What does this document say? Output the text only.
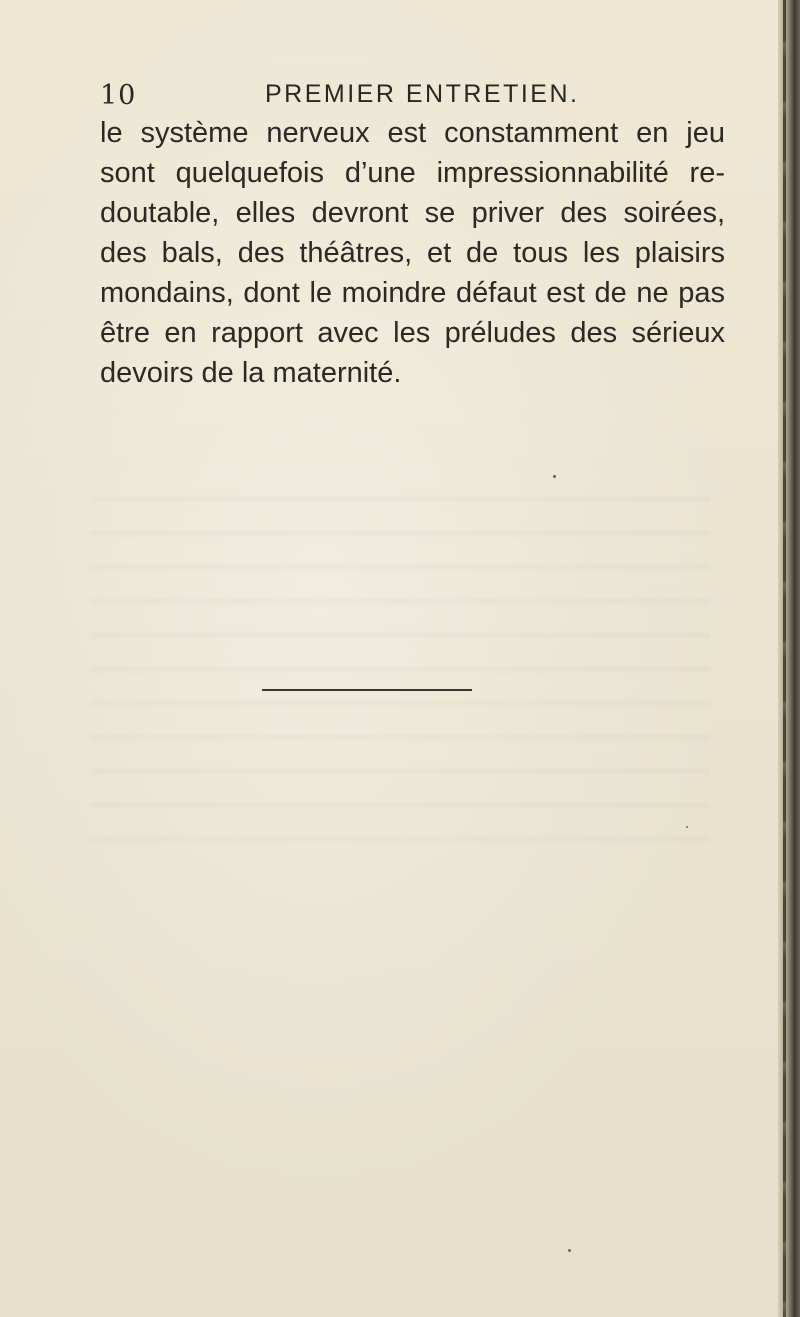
10	PREMIER ENTRETIEN.
le système nerveux est constamment en jeu
sont quelquefois d’une impressionnabilité re-
doutable, elles devront se priver des soirées,
des bals, des théâtres, et de tous les plaisirs
mondains, dont le moindre défaut est de ne pas
être en rapport avec les préludes des sérieux
devoirs de la maternité.
